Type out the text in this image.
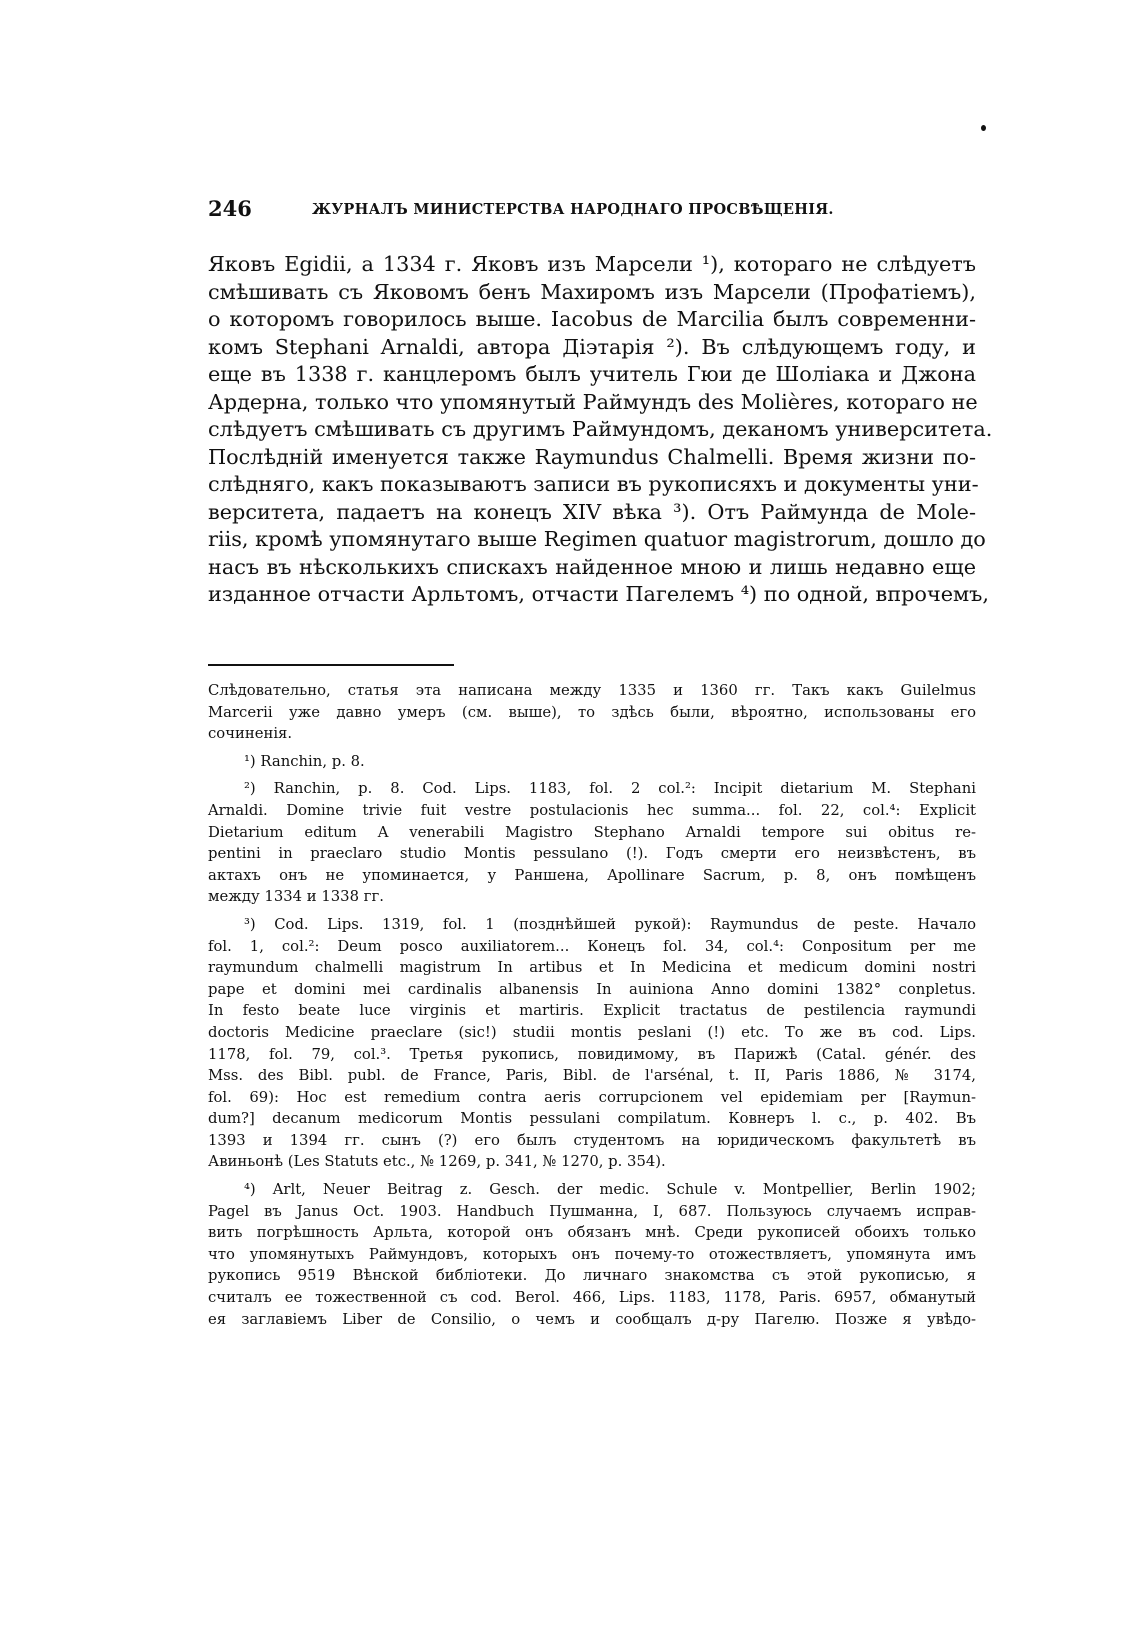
246	ЖУРНАЛЪ МИНИСТЕРСТВА НАРОДНАГО ПРОСВѢЩЕНІЯ.
Яковъ Egidii, а 1334 г. Яковъ изъ Марсели ¹), котораго не слѣдуетъ
смѣшивать съ Яковомъ бенъ Махиромъ изъ Марсели (Профатіемъ),
о которомъ говорилось выше. Iacobus de Marcilia былъ современни-
комъ Stephani Arnaldi, автора Діэтарія ²). Въ слѣдующемъ году, и
еще въ 1338 г. канцлеромъ былъ учитель Гюи де Шоліака и Джона
Ардерна, только что упомянутый Раймундъ des Molières, котораго не
слѣдуетъ смѣшивать съ другимъ Раймундомъ, деканомъ университета.
Послѣдній именуется также Raymundus Chalmelli. Время жизни по-
слѣдняго, какъ показываютъ записи въ рукописяхъ и документы уни-
верситета, падаетъ на конецъ XIV вѣка ³). Отъ Раймунда de Mole-
riis, кромѣ упомянутаго выше Regimen quatuor magistrorum, дошло до
насъ въ нѣсколькихъ спискахъ найденное мною и лишь недавно еще
изданное отчасти Арльтомъ, отчасти Пагелемъ ⁴) по одной, впрочемъ,
Слѣдовательно, статья эта написана между 1335 и 1360 гг. Такъ какъ Guilelmus
Marcerii уже давно умеръ (см. выше), то здѣсь были, вѣроятно, использованы его
сочиненія.
¹) Ranchin, p. 8.
²) Ranchin, p. 8. Cod. Lips. 1183, fol. 2 col.²: Incipit dietarium M. Stephani
Arnaldi. Domine trivie fuit vestre postulacionis hec summa... fol. 22, col.⁴: Explicit
Dietarium editum A venerabili Magistro Stephano Arnaldi tempore sui obitus re-
pentini in praeclaro studio Montis pessulano (!). Годъ смерти его неизвѣстенъ, въ
актахъ онъ не упоминается, у Раншена, Apollinare Sacrum, p. 8, онъ помѣщенъ
между 1334 и 1338 гг.
³) Cod. Lips. 1319, fol. 1 (позднѣйшей рукой): Raymundus de peste. Начало
fol. 1, col.²: Deum posco auxiliatorem... Конецъ fol. 34, col.⁴: Conpositum per me
raymundum chalmelli magistrum In artibus et In Medicina et medicum domini nostri
pape et domini mei cardinalis albanensis In auiniona Anno domini 1382° conpletus.
In festo beate luce virginis et martiris. Explicit tractatus de pestilencia raymundi
doctoris Medicine praeclare (sic!) studii montis peslani (!) etc. То же въ cod. Lips.
1178, fol. 79, col.³. Третья рукопись, повидимому, въ Парижѣ (Catal. génér. des
Mss. des Bibl. publ. de France, Paris, Bibl. de l'arsénal, t. II, Paris 1886, № 3174,
fol. 69): Hoc est remedium contra aeris corrupcionem vel epidemiam per [Raymun-
dum?] decanum medicorum Montis pessulani compilatum. Ковнеръ l. c., p. 402. Въ
1393 и 1394 гг. сынъ (?) его былъ студентомъ на юридическомъ факультетѣ въ
Авиньонѣ (Les Statuts etc., № 1269, p. 341, № 1270, p. 354).
⁴) Arlt, Neuer Beitrag z. Gesch. der medic. Schule v. Montpellier, Berlin 1902;
Pagel въ Janus Oct. 1903. Handbuch Пушманна, I, 687. Пользуюсь случаемъ исправ-
вить погрѣшность Арльта, которой онъ обязанъ мнѣ. Среди рукописей обоихъ только
что упомянутыхъ Раймундовъ, которыхъ онъ почему-то отожествляетъ, упомянута имъ
рукопись 9519 Вѣнской библіотеки. До личнаго знакомства съ этой рукописью, я
считалъ ее тожественной съ cod. Berol. 466, Lips. 1183, 1178, Paris. 6957, обманутый
ея заглавіемъ Liber de Consilio, о чемъ и сообщалъ д-ру Пагелю. Позже я увѣдо-
